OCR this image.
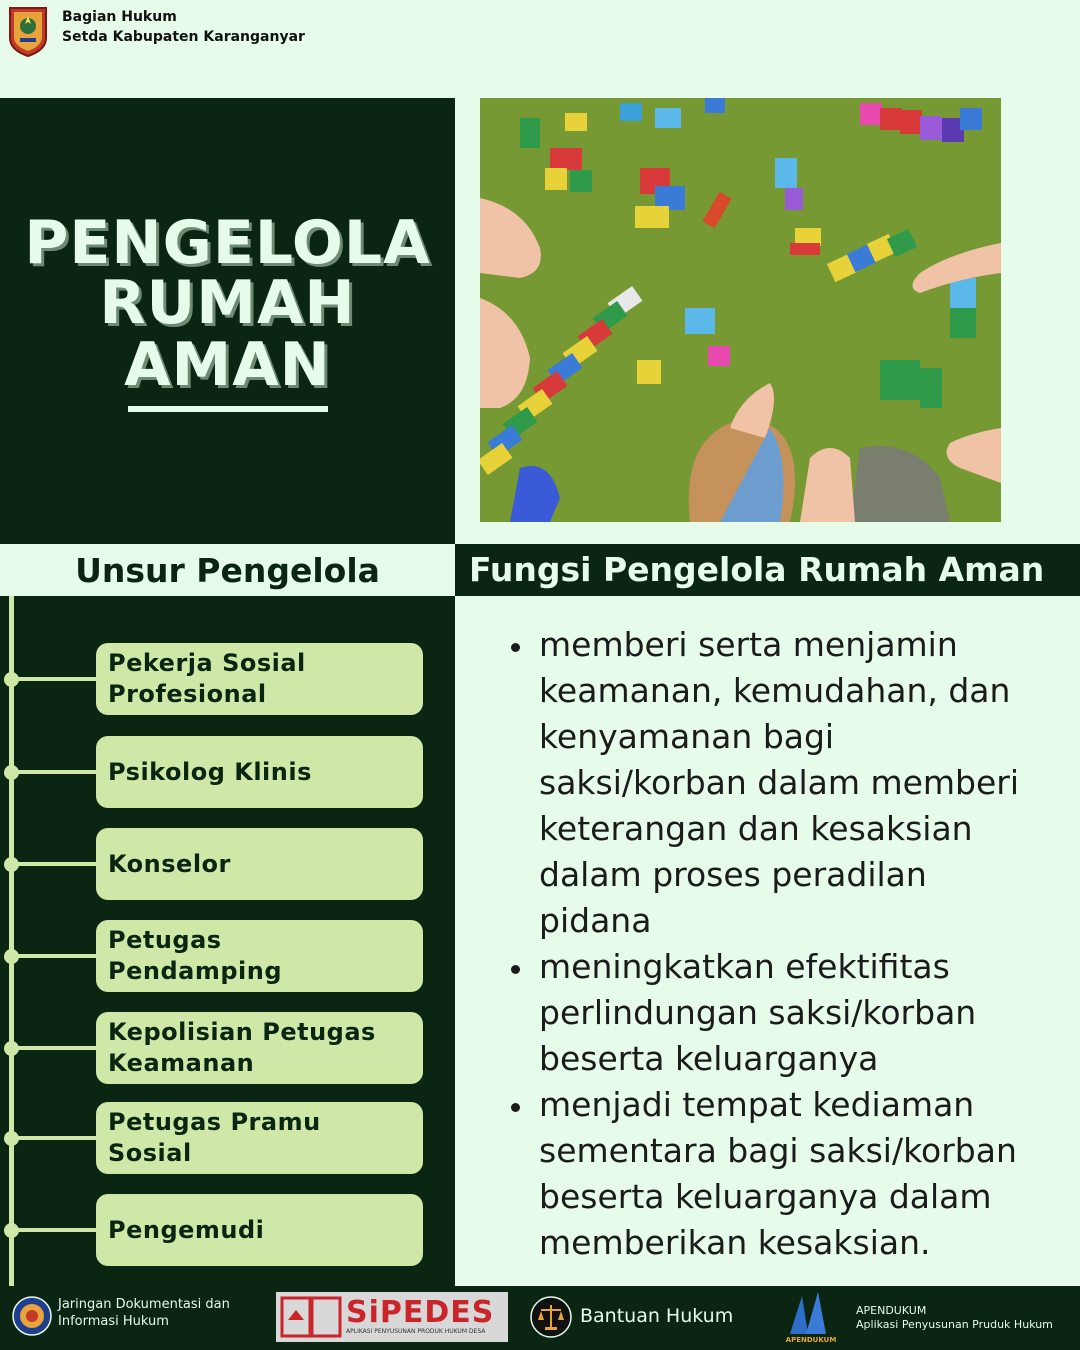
Bagian Hukum
Setda Kabupaten Karanganyar
PENGELOLA
RUMAH
AMAN
Unsur Pengelola	Fungsi Pengelola Rumah Aman
Pekerja Sosial
Profesional
Psikolog Klinis
Konselor
Petugas
Pendamping
Kepolisian Petugas
Keamanan
Petugas Pramu
Sosial
Pengemudi
memberi serta menjamin
keamanan, kemudahan, dan
kenyamanan bagi
saksi/korban dalam memberi
keterangan dan kesaksian
dalam proses peradilan
pidana
meningkatkan efektifitas
perlindungan saksi/korban
beserta keluarganya
menjadi tempat kediaman
sementara bagi saksi/korban
beserta keluarganya dalam
memberikan kesaksian.
Jaringan Dokumentasi dan
Informasi Hukum	SiPEDES
APLIKASI PENYUSUNAN PRODUK HUKUM DESA
Bantuan Hukum
APENDUKUM
APENDUKUM
Aplikasi Penyusunan Pruduk Hukum
